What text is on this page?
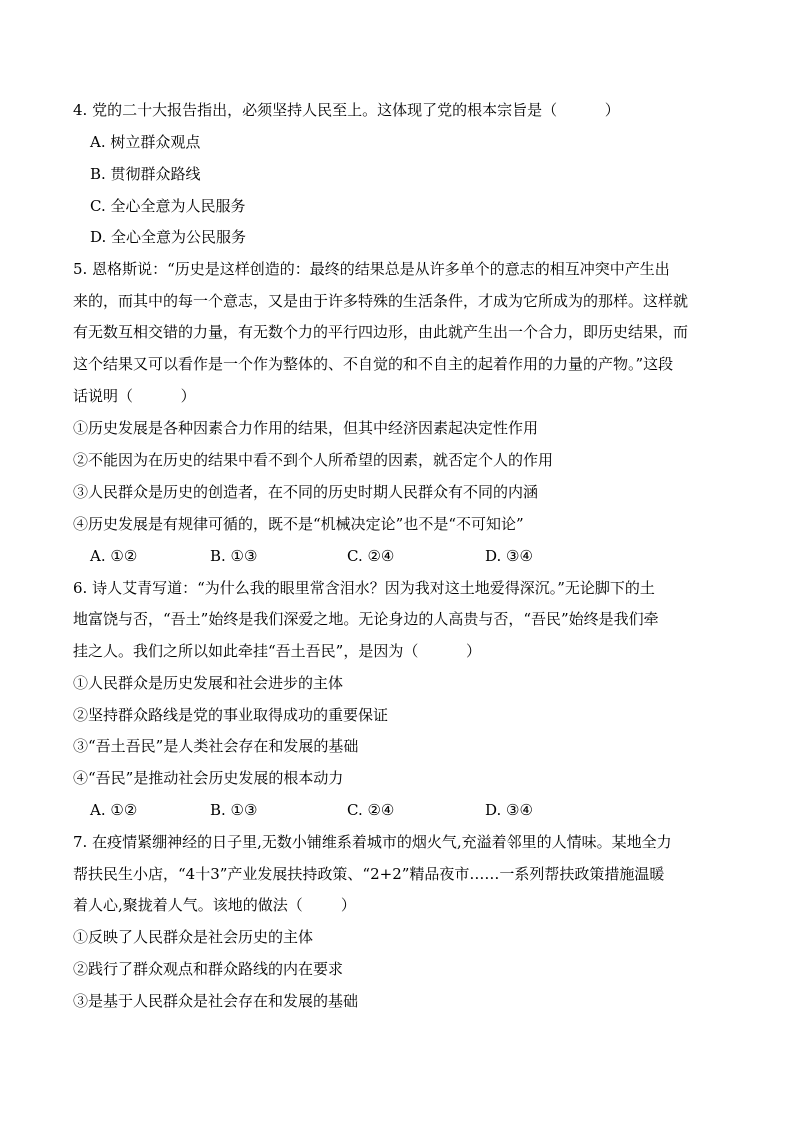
4. 党的二十大报告指出，必须坚持人民至上。这体现了党的根本宗旨是（          ）
A. 树立群众观点
B. 贯彻群众路线
C. 全心全意为人民服务
D. 全心全意为公民服务
5. 恩格斯说：“历史是这样创造的：最终的结果总是从许多单个的意志的相互冲突中产生出
来的，而其中的每一个意志，又是由于许多特殊的生活条件，才成为它所成为的那样。这样就
有无数互相交错的力量，有无数个力的平行四边形，由此就产生出一个合力，即历史结果，而
这个结果又可以看作是一个作为整体的、不自觉的和不自主的起着作用的力量的产物。”这段
话说明（          ）
①历史发展是各种因素合力作用的结果，但其中经济因素起决定性作用
②不能因为在历史的结果中看不到个人所希望的因素，就否定个人的作用
③人民群众是历史的创造者，在不同的历史时期人民群众有不同的内涵
④历史发展是有规律可循的，既不是“机械决定论”也不是“不可知论”

A. ①②

	B. ①③

	C. ②④

	D. ③④

6. 诗人艾青写道：“为什么我的眼里常含泪水？因为我对这土地爱得深沉。”无论脚下的土
地富饶与否，“吾土”始终是我们深爱之地。无论身边的人高贵与否，“吾民”始终是我们牵
挂之人。我们之所以如此牵挂“吾土吾民”，是因为（          ）
①人民群众是历史发展和社会进步的主体
②坚持群众路线是党的事业取得成功的重要保证
③“吾土吾民”是人类社会存在和发展的基础
④“吾民”是推动社会历史发展的根本动力

A. ①②

	B. ①③

	C. ②④

	D. ③④

7. 在疫情紧绷神经的日子里,无数小铺维系着城市的烟火气,充溢着邻里的人情味。某地全力
帮扶民生小店，“4十3”产业发展扶持政策、“2+2”精品夜市……一系列帮扶政策措施温暖
着人心,聚拢着人气。该地的做法（        ）
①反映了人民群众是社会历史的主体
②践行了群众观点和群众路线的内在要求
③是基于人民群众是社会存在和发展的基础
